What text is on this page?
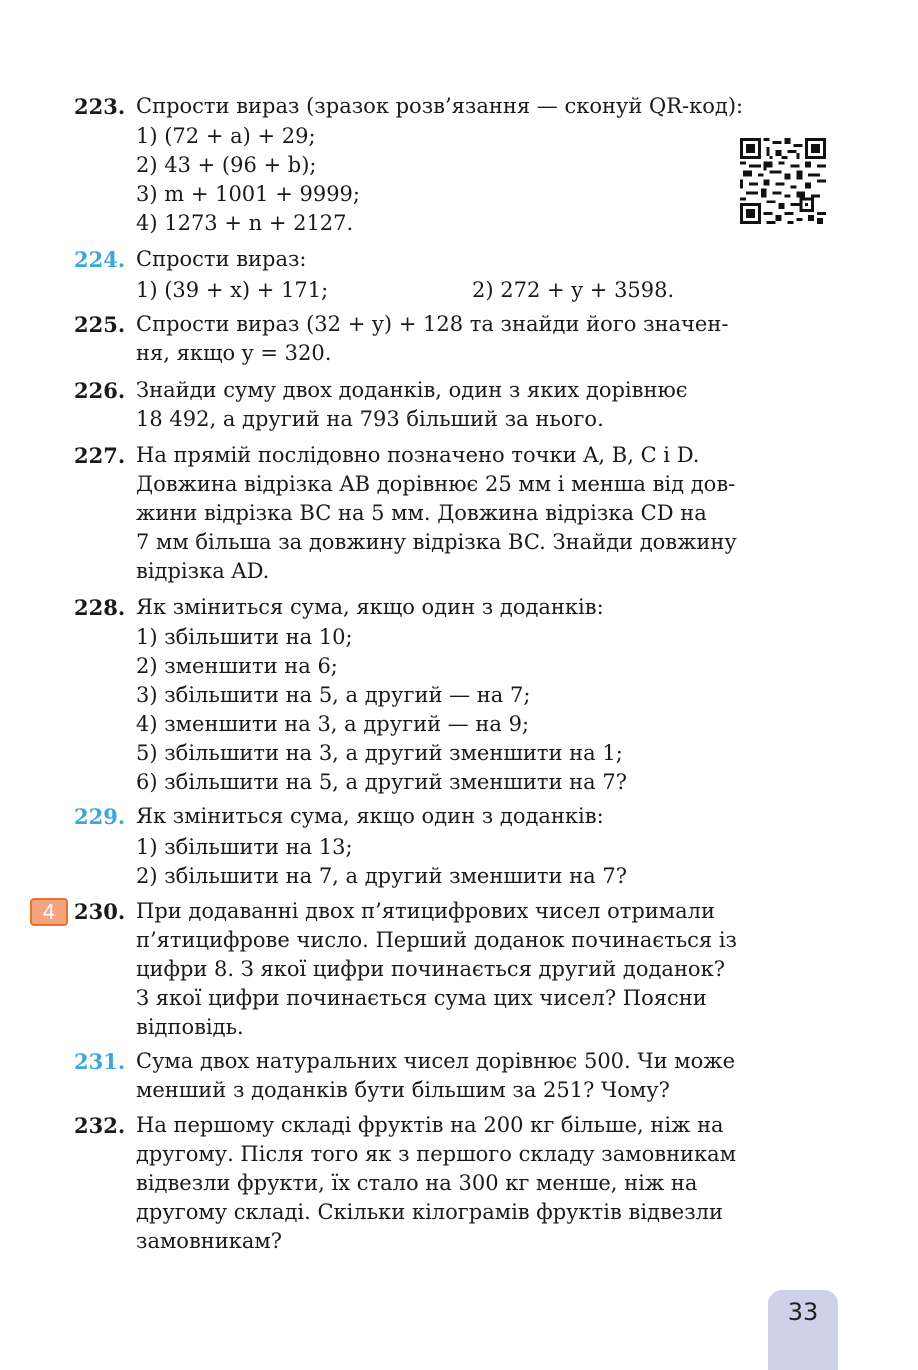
223. Спрости вираз (зразок розв’язання — сконуй QR-код):
1) (72 + a) + 29;
2) 43 + (96 + b);
3) m + 1001 + 9999;
4) 1273 + n + 2127.
224. Спрости вираз:
1) (39 + x) + 171;	2) 272 + y + 3598.
225. Спрости вираз (32 + y) + 128 та знайди його значен-
ня, якщо y = 320.
226. Знайди суму двох доданків, один з яких дорівнює
18 492, а другий на 793 більший за нього.
227. На прямій послідовно позначено точки A, B, C і D.
Довжина відрізка AB дорівнює 25 мм і менша від дов-
жини відрізка BC на 5 мм. Довжина відрізка CD на
7 мм більша за довжину відрізка BC. Знайди довжину
відрізка AD.
228. Як зміниться сума, якщо один з доданків:
1) збільшити на 10;
2) зменшити на 6;
3) збільшити на 5, а другий — на 7;
4) зменшити на 3, а другий — на 9;
5) збільшити на 3, а другий зменшити на 1;
6) збільшити на 5, а другий зменшити на 7?
229. Як зміниться сума, якщо один з доданків:
1) збільшити на 13;
2) збільшити на 7, а другий зменшити на 7?
4 230. При додаванні двох п’ятицифрових чисел отримали
п’ятицифрове число. Перший доданок починається із
цифри 8. З якої цифри починається другий доданок?
З якої цифри починається сума цих чисел? Поясни
відповідь.
231. Сума двох натуральних чисел дорівнює 500. Чи може
менший з доданків бути більшим за 251? Чому?
232. На першому складі фруктів на 200 кг більше, ніж на
другому. Після того як з першого складу замовникам
відвезли фрукти, їх стало на 300 кг менше, ніж на
другому складі. Скільки кілограмів фруктів відвезли
замовникам?
33
